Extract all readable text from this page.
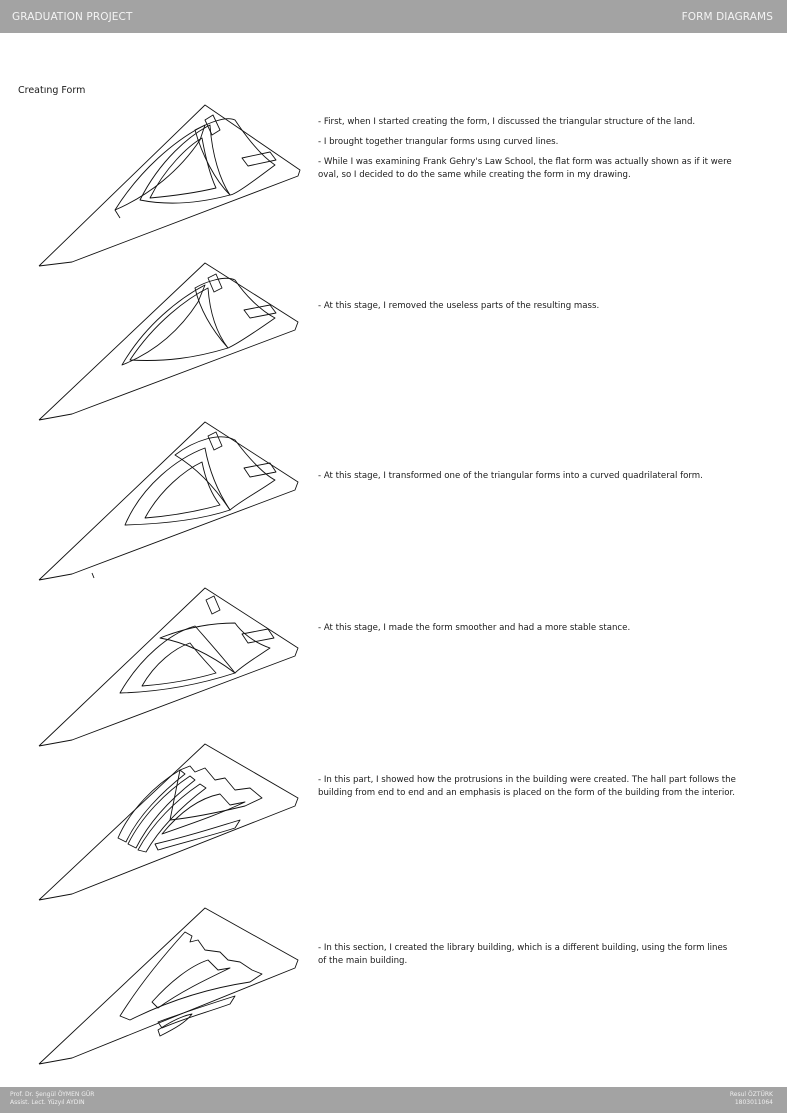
GRADUATION PROJECT	FORM DIAGRAMS
Creatıng Form

- First, when I started creating the form, I discussed the triangular structure of the land.

- I brought together trıangular forms usıng curved lines.

- While I was examining Frank Gehry's Law School, the flat form was actually shown as if it were oval, so I decided to do the same while creating the form in my drawing.

- At this stage, I removed the useless parts of the resulting mass.

- At this stage, I transformed one of the triangular forms into a curved quadrilateral form.

- At this stage, I made the form smoother and had a more stable stance.

- In this part, I showed how the protrusions in the building were created. The hall part follows the building from end to end and an emphasis is placed on the form of the building from the interior.

- In this section, I created the library building, which is a different building, using the form lines of the main building.

Prof. Dr. Şengül ÖYMEN GÜR
Assist. Lect. Yüzyıl AYDIN
Resul ÖZTÜRK
1803011064
